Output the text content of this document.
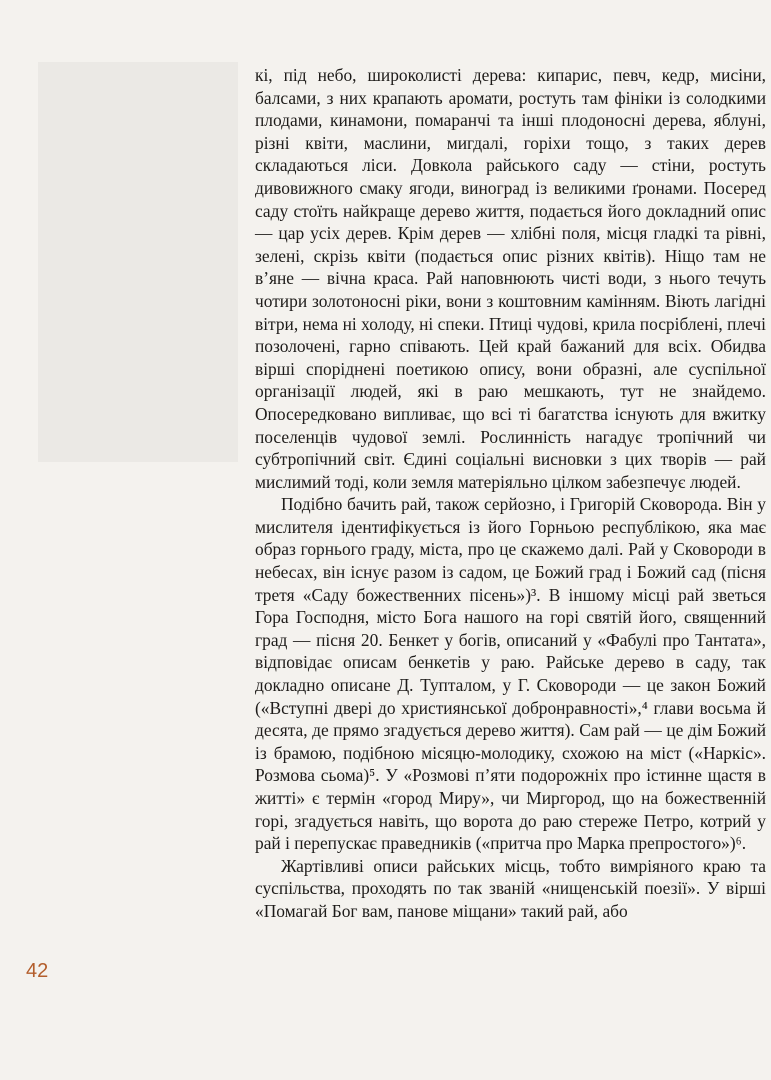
кі, під небо, широколисті дерева: кипарис, певч, кедр, мисіни, балсами, з них крапають аромати, ростуть там фініки із солодкими плодами, кинамони, помаранчі та інші плодоносні дерева, яблуні, різні квіти, маслини, мигдалі, горіхи тощо, з таких дерев складаються ліси. Довкола райського саду — стіни, ростуть дивовижного смаку ягоди, виноград із великими ґронами. Посеред саду стоїть найкраще дерево життя, подається його докладний опис — цар усіх дерев. Крім дерев — хлібні поля, місця гладкі та рівні, зелені, скрізь квіти (подається опис різних квітів). Ніщо там не в’яне — вічна краса. Рай наповнюють чисті води, з нього течуть чотири золотоносні ріки, вони з коштовним камінням. Віють лагідні вітри, нема ні холоду, ні спеки. Птиці чудові, крила посріблені, плечі позолочені, гарно співають. Цей край бажаний для всіх. Обидва вірші споріднені поетикою опису, вони образні, але суспільної організації людей, які в раю мешкають, тут не знайдемо. Опосередковано випливає, що всі ті багатства існують для вжитку поселенців чудової землі. Рослинність нагадує тропічний чи субтропічний світ. Єдині соціальні висновки з цих творів — рай мислимий тоді, коли земля матеріяльно цілком забезпечує людей.

Подібно бачить рай, також серйозно, і Григорій Сковорода. Він у мислителя ідентифікується із його Горньою республікою, яка має образ горнього граду, міста, про це скажемо далі. Рай у Сковороди в небесах, він існує разом із садом, це Божий град і Божий сад (пісня третя «Саду божественних пісень»)³. В іншому місці рай зветься Гора Господня, місто Бога нашого на горі святій його, священний град — пісня 20. Бенкет у богів, описаний у «Фабулі про Тантата», відповідає описам бенкетів у раю. Райське дерево в саду, так докладно описане Д. Тупталом, у Г. Сковороди — це закон Божий («Вступні двері до християнської добронравності»,⁴ глави восьма й десята, де прямо згадується дерево життя). Сам рай — це дім Божий із брамою, подібною місяцю-молодику, схожою на міст («Наркіс». Розмова сьома)⁵. У «Розмові п’яти подорожніх про істинне щастя в житті» є термін «город Миру», чи Миргород, що на божественній горі, згадується навіть, що ворота до раю стереже Петро, котрий у рай і перепускає праведників («притча про Марка препростого»)⁶.

Жартівливі описи райських місць, тобто вимріяного краю та суспільства, проходять по так званій «нищенській поезії». У вірші «Помагай Бог вам, панове міщани» такий рай, або

42
